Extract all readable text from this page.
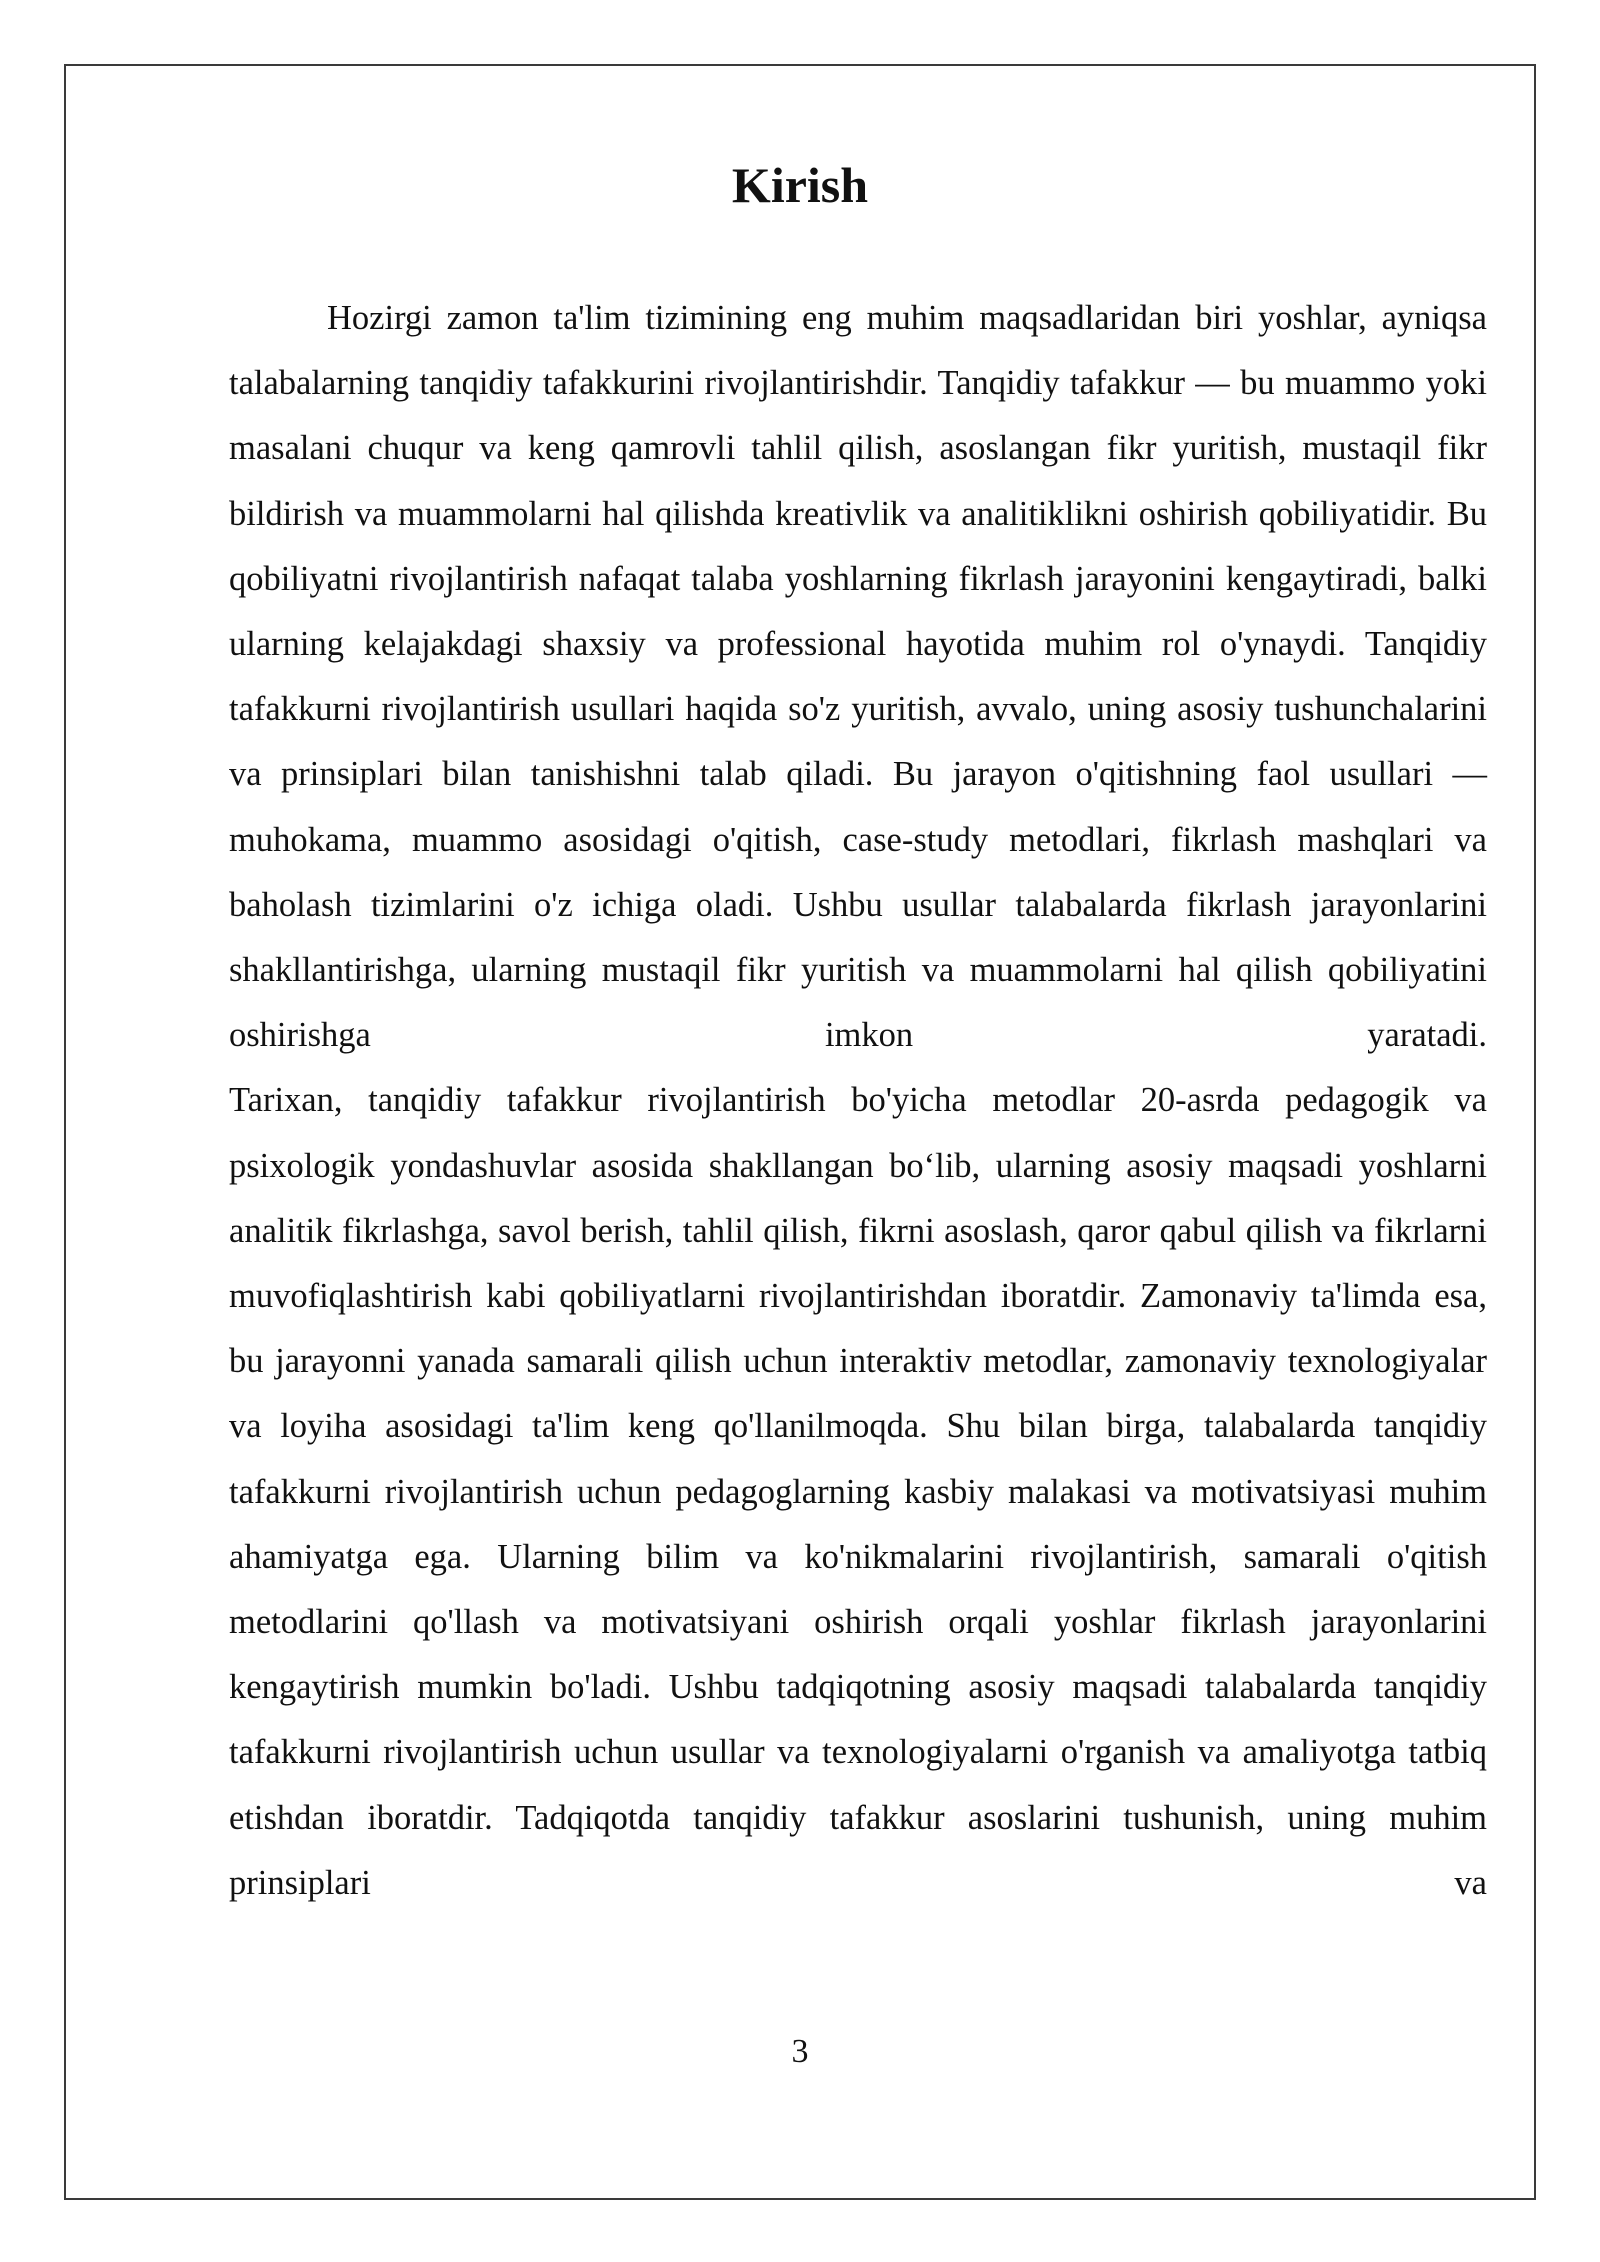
Kirish

Hozirgi zamon ta'lim tizimining eng muhim maqsadlaridan biri yoshlar, ayniqsa talabalarning tanqidiy tafakkurini rivojlantirishdir. Tanqidiy tafakkur — bu muammo yoki masalani chuqur va keng qamrovli tahlil qilish, asoslangan fikr yuritish, mustaqil fikr bildirish va muammolarni hal qilishda kreativlik va analitiklikni oshirish qobiliyatidir. Bu qobiliyatni rivojlantirish nafaqat talaba yoshlarning fikrlash jarayonini kengaytiradi, balki ularning kelajakdagi shaxsiy va professional hayotida muhim rol o'ynaydi. Tanqidiy tafakkurni rivojlantirish usullari haqida so'z yuritish, avvalo, uning asosiy tushunchalarini va prinsiplari bilan tanishishni talab qiladi. Bu jarayon o'qitishning faol usullari — muhokama, muammo asosidagi o'qitish, case-study metodlari, fikrlash mashqlari va baholash tizimlarini o'z ichiga oladi. Ushbu usullar talabalarda fikrlash jarayonlarini shakllantirishga, ularning mustaqil fikr yuritish va muammolarni hal qilish qobiliyatini oshirishga imkon yaratadi.

Tarixan, tanqidiy tafakkur rivojlantirish bo'yicha metodlar 20-asrda pedagogik va psixologik yondashuvlar asosida shakllangan bo‘lib, ularning asosiy maqsadi yoshlarni analitik fikrlashga, savol berish, tahlil qilish, fikrni asoslash, qaror qabul qilish va fikrlarni muvofiqlashtirish kabi qobiliyatlarni rivojlantirishdan iboratdir. Zamonaviy ta'limda esa, bu jarayonni yanada samarali qilish uchun interaktiv metodlar, zamonaviy texnologiyalar va loyiha asosidagi ta'lim keng qo'llanilmoqda. Shu bilan birga, talabalarda tanqidiy tafakkurni rivojlantirish uchun pedagoglarning kasbiy malakasi va motivatsiyasi muhim ahamiyatga ega. Ularning bilim va ko'nikmalarini rivojlantirish, samarali o'qitish metodlarini qo'llash va motivatsiyani oshirish orqali yoshlar fikrlash jarayonlarini kengaytirish mumkin bo'ladi. Ushbu tadqiqotning asosiy maqsadi talabalarda tanqidiy tafakkurni rivojlantirish uchun usullar va texnologiyalarni o'rganish va amaliyotga tatbiq etishdan iboratdir. Tadqiqotda tanqidiy tafakkur asoslarini tushunish, uning muhim prinsiplari va

3
